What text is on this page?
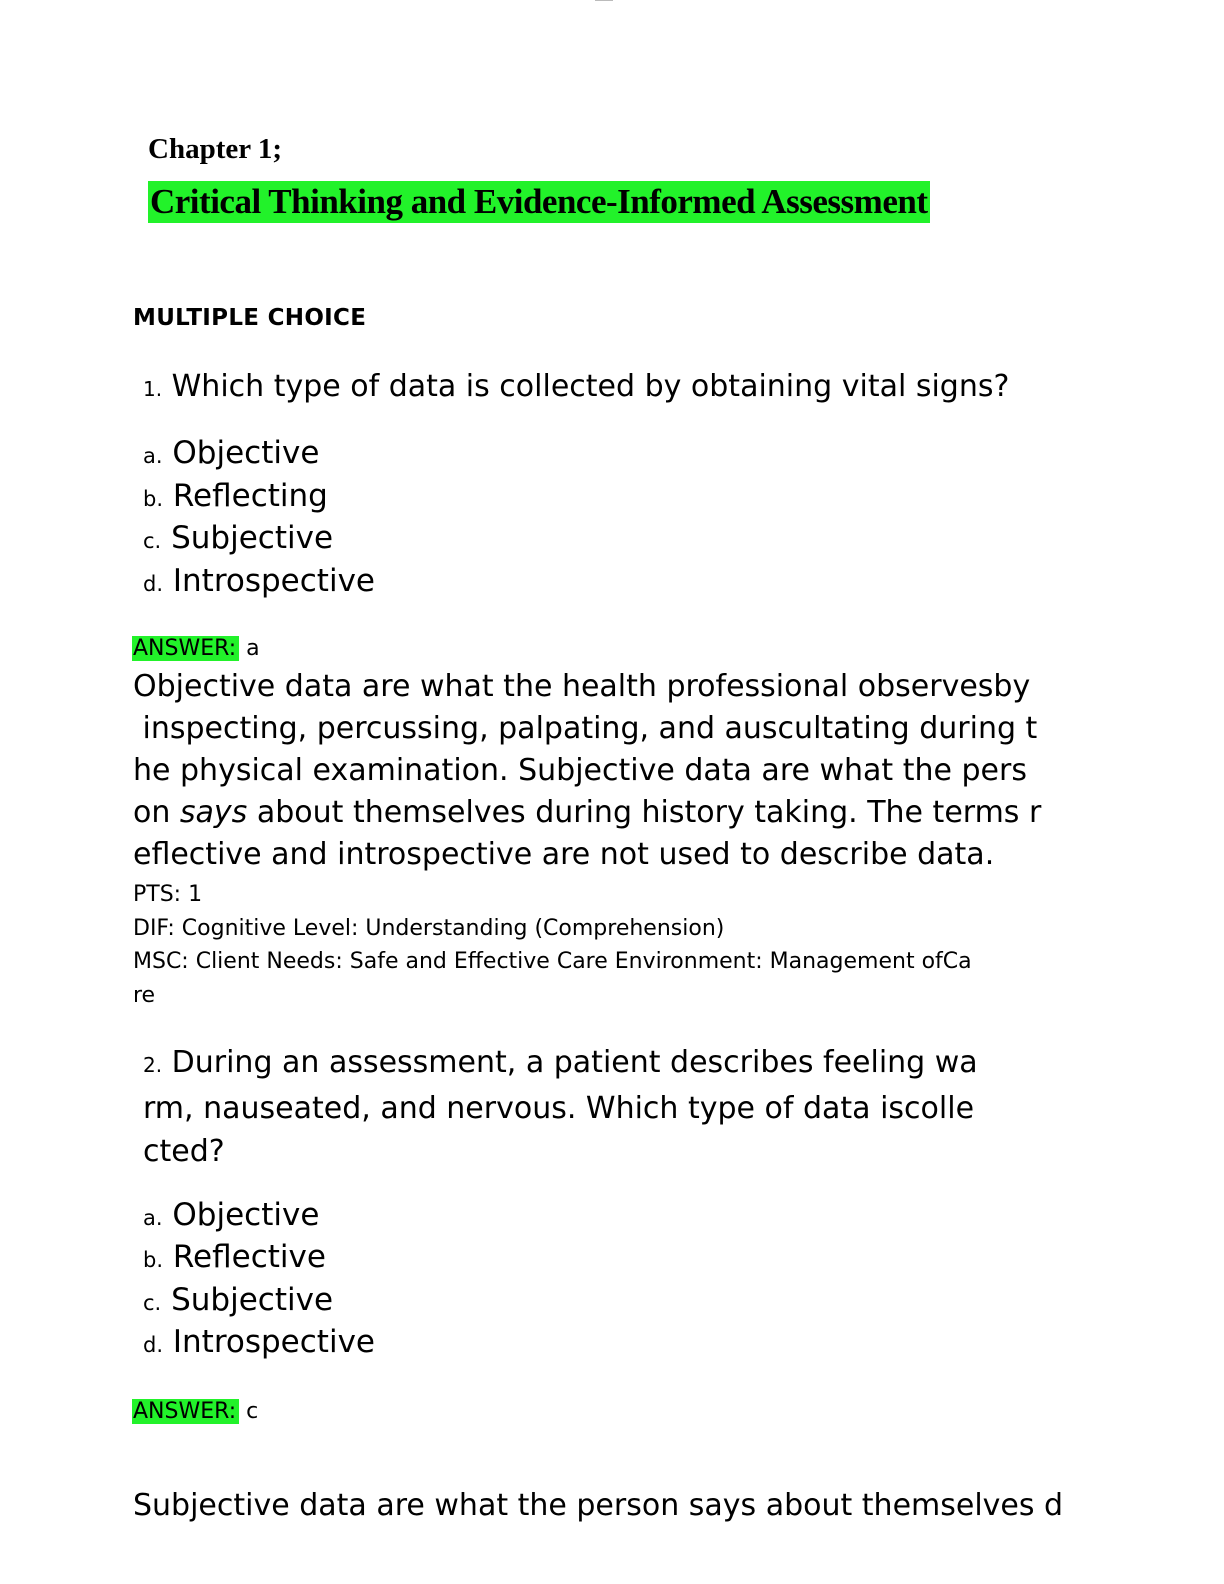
Chapter 1;
Critical Thinking and Evidence-Informed Assessment
MULTIPLE CHOICE
1. Which type of data is collected by obtaining vital signs?
a. Objective
b. Reflecting
c. Subjective
d. Introspective
ANSWER: a
Objective data are what the health professional observesby
inspecting, percussing, palpating, and auscultating during t
he physical examination. Subjective data are what the pers
on says about themselves during history taking. The terms r
eflective and introspective are not used to describe data.
PTS: 1
DIF: Cognitive Level: Understanding (Comprehension)
MSC: Client Needs: Safe and Effective Care Environment: Management ofCa
re
2. During an assessment, a patient describes feeling wa
rm, nauseated, and nervous. Which type of data iscolle
cted?
a. Objective
b. Reflective
c. Subjective
d. Introspective
ANSWER: c
Subjective data are what the person says about themselves d
